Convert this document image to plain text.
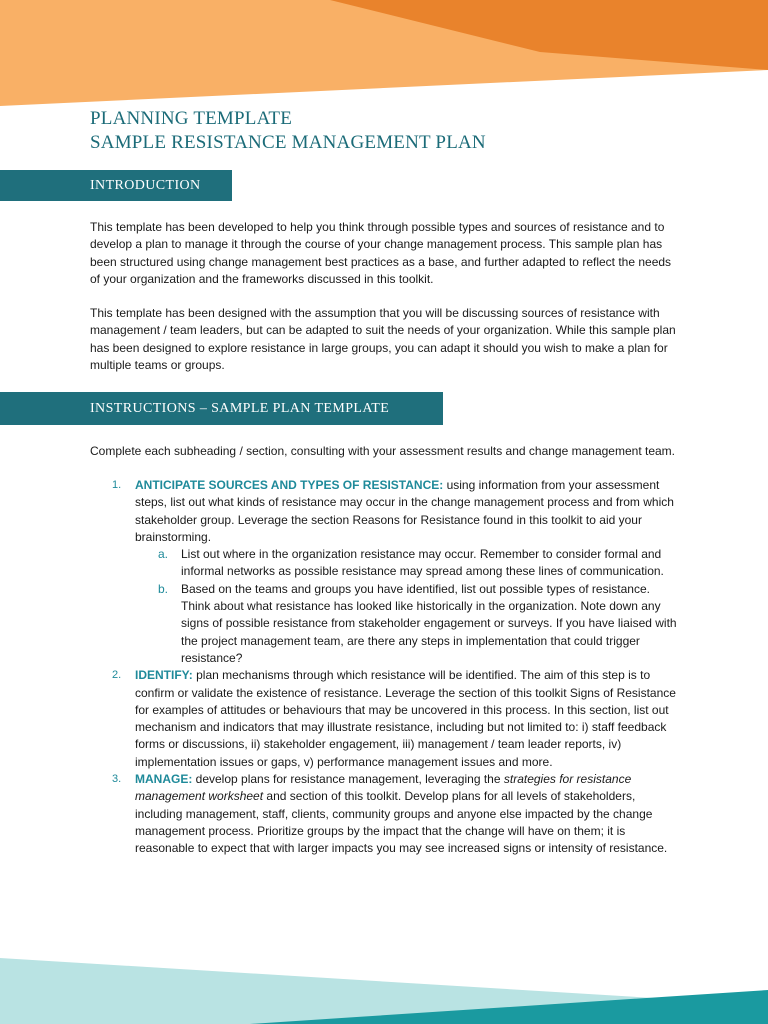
PLANNING TEMPLATE
SAMPLE RESISTANCE MANAGEMENT PLAN
INTRODUCTION
This template has been developed to help you think through possible types and sources of resistance and to develop a plan to manage it through the course of your change management process. This sample plan has been structured using change management best practices as a base, and further adapted to reflect the needs of your organization and the frameworks discussed in this toolkit.
This template has been designed with the assumption that you will be discussing sources of resistance with management / team leaders, but can be adapted to suit the needs of your organization. While this sample plan has been designed to explore resistance in large groups, you can adapt it should you wish to make a plan for multiple teams or groups.
INSTRUCTIONS – SAMPLE PLAN TEMPLATE
Complete each subheading / section, consulting with your assessment results and change management team.
1. ANTICIPATE SOURCES AND TYPES OF RESISTANCE: using information from your assessment steps, list out what kinds of resistance may occur in the change management process and from which stakeholder group. Leverage the section Reasons for Resistance found in this toolkit to aid your brainstorming.
a. List out where in the organization resistance may occur. Remember to consider formal and informal networks as possible resistance may spread among these lines of communication.
b. Based on the teams and groups you have identified, list out possible types of resistance. Think about what resistance has looked like historically in the organization. Note down any signs of possible resistance from stakeholder engagement or surveys. If you have liaised with the project management team, are there any steps in implementation that could trigger resistance?
2. IDENTIFY: plan mechanisms through which resistance will be identified. The aim of this step is to confirm or validate the existence of resistance. Leverage the section of this toolkit Signs of Resistance for examples of attitudes or behaviours that may be uncovered in this process. In this section, list out mechanism and indicators that may illustrate resistance, including but not limited to: i) staff feedback forms or discussions, ii) stakeholder engagement, iii) management / team leader reports, iv) implementation issues or gaps, v) performance management issues and more.
3. MANAGE: develop plans for resistance management, leveraging the strategies for resistance management worksheet and section of this toolkit. Develop plans for all levels of stakeholders, including management, staff, clients, community groups and anyone else impacted by the change management process. Prioritize groups by the impact that the change will have on them; it is reasonable to expect that with larger impacts you may see increased signs or intensity of resistance.
